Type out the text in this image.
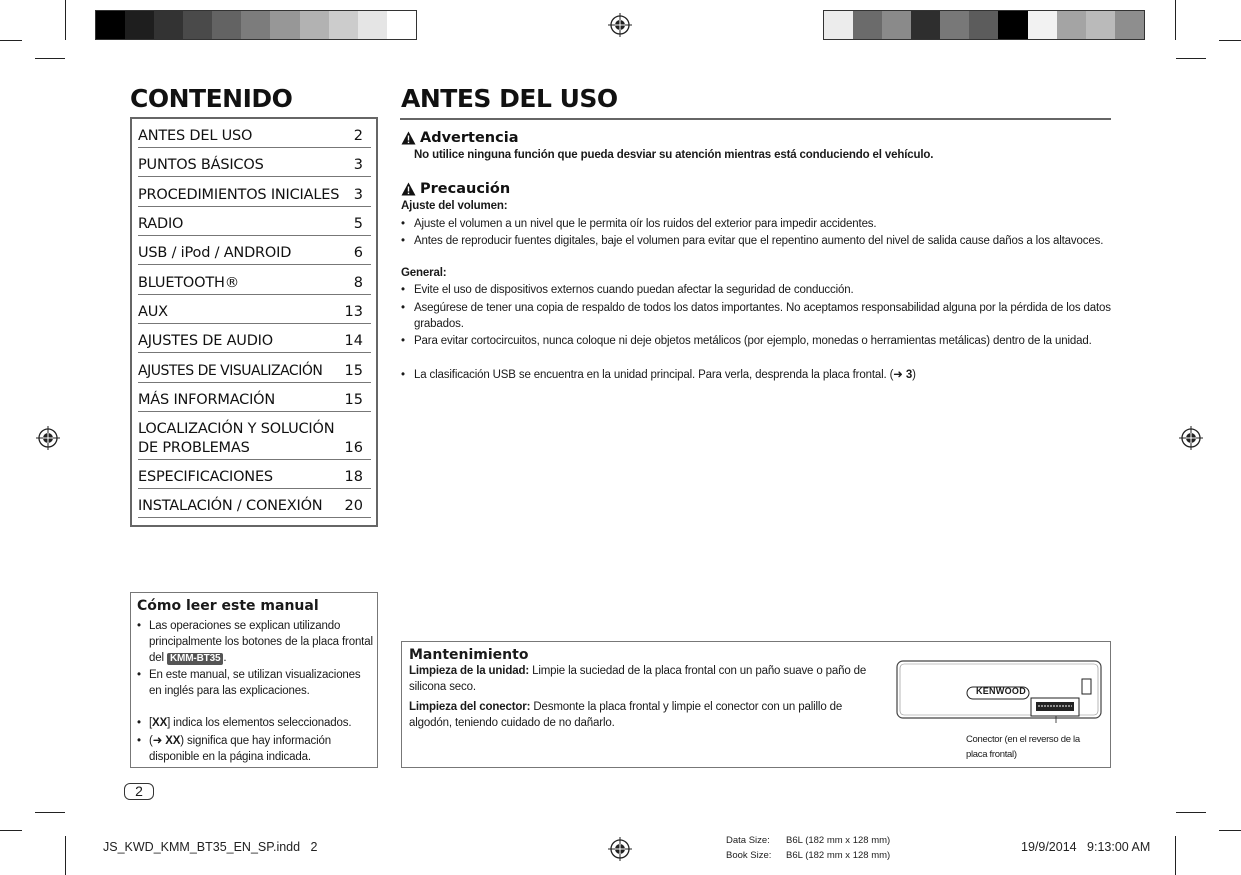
CONTENIDO
ANTES DEL USO	2
PUNTOS BÁSICOS	3
PROCEDIMIENTOS INICIALES 3
RADIO	5
USB / iPod / ANDROID	6
BLUETOOTH®	8
AUX	13
AJUSTES DE AUDIO	14
AJUSTES DE VISUALIZACIÓN 15
MÁS INFORMACIÓN	15
LOCALIZACIÓN Y SOLUCIÓN
DE PROBLEMAS	16
ESPECIFICACIONES	18
INSTALACIÓN / CONEXIÓN 20
ANTES DEL USO
Advertencia
No utilice ninguna función que pueda desviar su atención mientras está conduciendo el vehículo.
Precaución
Ajuste del volumen:
• Ajuste el volumen a un nivel que le permita oír los ruidos del exterior para impedir accidentes.
• Antes de reproducir fuentes digitales, baje el volumen para evitar que el repentino aumento del nivel de salida cause daños a los altavoces.
General:
• Evite el uso de dispositivos externos cuando puedan afectar la seguridad de conducción.
• Asegúrese de tener una copia de respaldo de todos los datos importantes. No aceptamos responsabilidad alguna por la pérdida de los datos grabados.
• Para evitar cortocircuitos, nunca coloque ni deje objetos metálicos (por ejemplo, monedas o herramientas metálicas) dentro de la unidad.
• La clasificación USB se encuentra en la unidad principal. Para verla, desprenda la placa frontal. (➜ 3)
Cómo leer este manual
• Las operaciones se explican utilizando principalmente los botones de la placa frontal del KMM-BT35 .
• En este manual, se utilizan visualizaciones en inglés para las explicaciones.
• [XX] indica los elementos seleccionados.
• (➜ XX) significa que hay información disponible en la página indicada.
Mantenimiento
Limpieza de la unidad: Limpie la suciedad de la placa frontal con un paño suave o paño de silicona seco.
Limpieza del conector: Desmonte la placa frontal y limpie el conector con un palillo de algodón, teniendo cuidado de no dañarlo.
KENWOOD
Conector (en el reverso de la
placa frontal)
2
JS_KWD_KMM_BT35_EN_SP.indd   2	Data Size: B6L (182 mm x 128 mm)
Book Size: B6L (182 mm x 128 mm)
19/9/2014   9:13:00 AM
